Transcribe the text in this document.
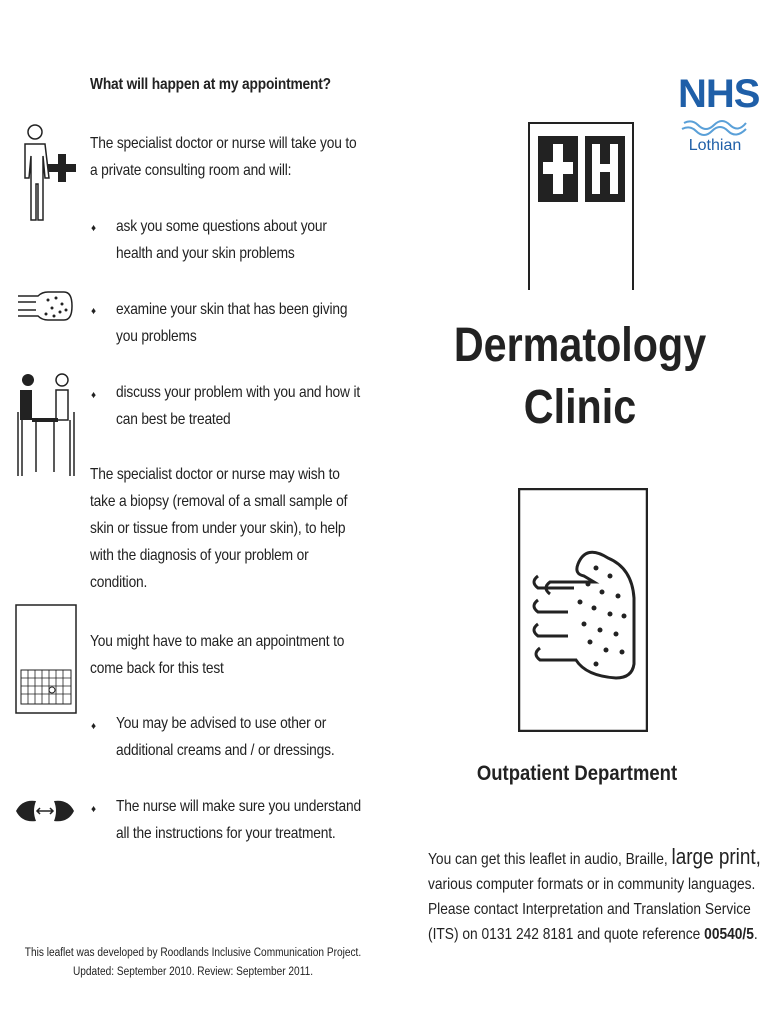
What will happen at my appointment?
The specialist doctor or nurse will take you to
a private consulting room and will:
♦ ask you some questions about your
health and your skin problems
♦ examine your skin that has been giving
you problems
♦ discuss your problem with you and how it
can best be treated
The specialist doctor or nurse may wish to
take a biopsy (removal of a small sample of
skin or tissue from under your skin), to help
with the diagnosis of your problem or
condition.
You might have to make an appointment to
come back for this test
♦ You may be advised to use other or
additional creams and / or dressings.
♦ The nurse will make sure you understand
all the instructions for your treatment.
This leaflet was developed by Roodlands Inclusive Communication Project.
Updated: September 2010. Review: September 2011.
NHS
Lothian
Dermatology
Clinic
Outpatient Department
You can get this leaflet in audio, Braille, large print,
various computer formats or in community languages.
Please contact Interpretation and Translation Service
(ITS) on 0131 242 8181 and quote reference 00540/5.
